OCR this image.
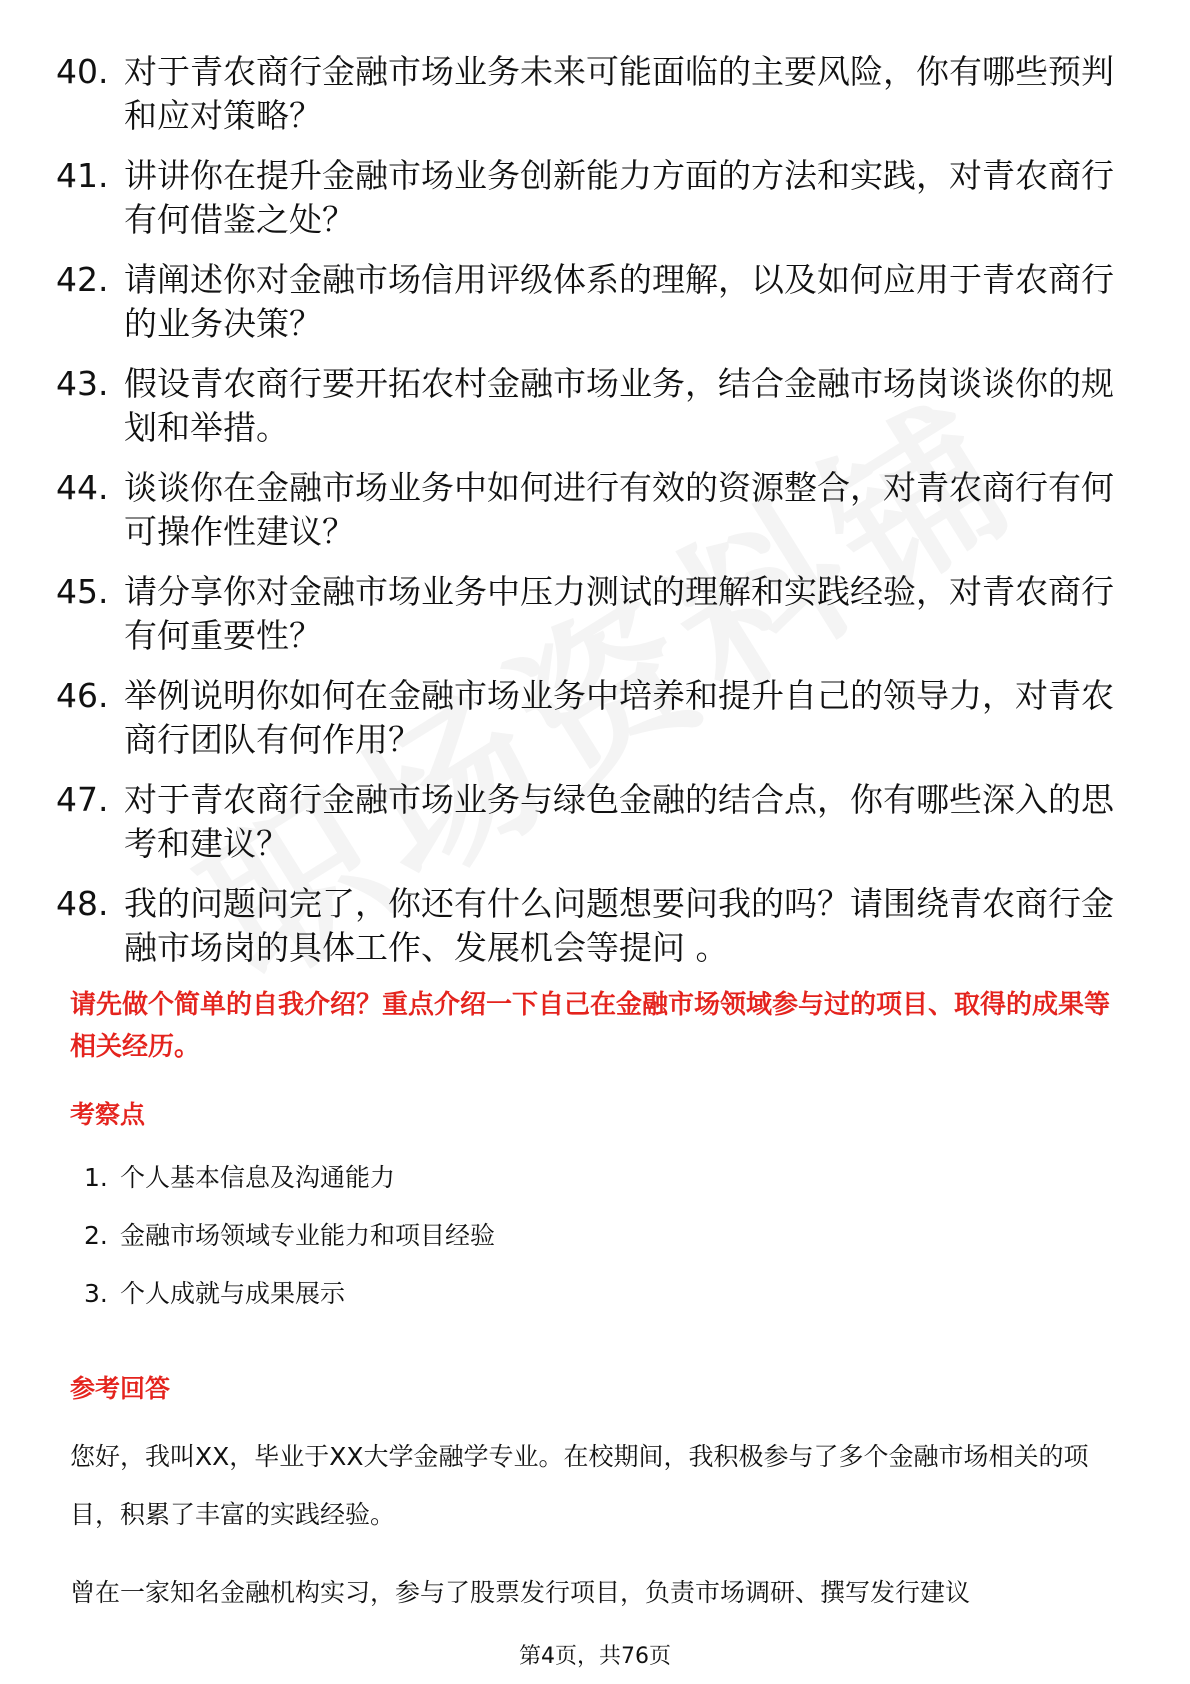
40. 对于青农商行金融市场业务未来可能面临的主要风险，你有哪些预判和应对策略？
41. 讲讲你在提升金融市场业务创新能力方面的方法和实践，对青农商行有何借鉴之处？
42. 请阐述你对金融市场信用评级体系的理解，以及如何应用于青农商行的业务决策？
43. 假设青农商行要开拓农村金融市场业务，结合金融市场岗谈谈你的规划和举措。
44. 谈谈你在金融市场业务中如何进行有效的资源整合，对青农商行有何可操作性建议？
45. 请分享你对金融市场业务中压力测试的理解和实践经验，对青农商行有何重要性？
46. 举例说明你如何在金融市场业务中培养和提升自己的领导力，对青农商行团队有何作用？
47. 对于青农商行金融市场业务与绿色金融的结合点，你有哪些深入的思考和建议？
48. 我的问题问完了，你还有什么问题想要问我的吗？请围绕青农商行金融市场岗的具体工作、发展机会等提问 。
请先做个简单的自我介绍？重点介绍一下自己在金融市场领域参与过的项目、取得的成果等相关经历。
考察点
1. 个人基本信息及沟通能力
2. 金融市场领域专业能力和项目经验
3. 个人成就与成果展示
参考回答
您好，我叫XX，毕业于XX大学金融学专业。在校期间，我积极参与了多个金融市场相关的项目，积累了丰富的实践经验。
曾在一家知名金融机构实习，参与了股票发行项目，负责市场调研、撰写发行建议
第4页，共76页
